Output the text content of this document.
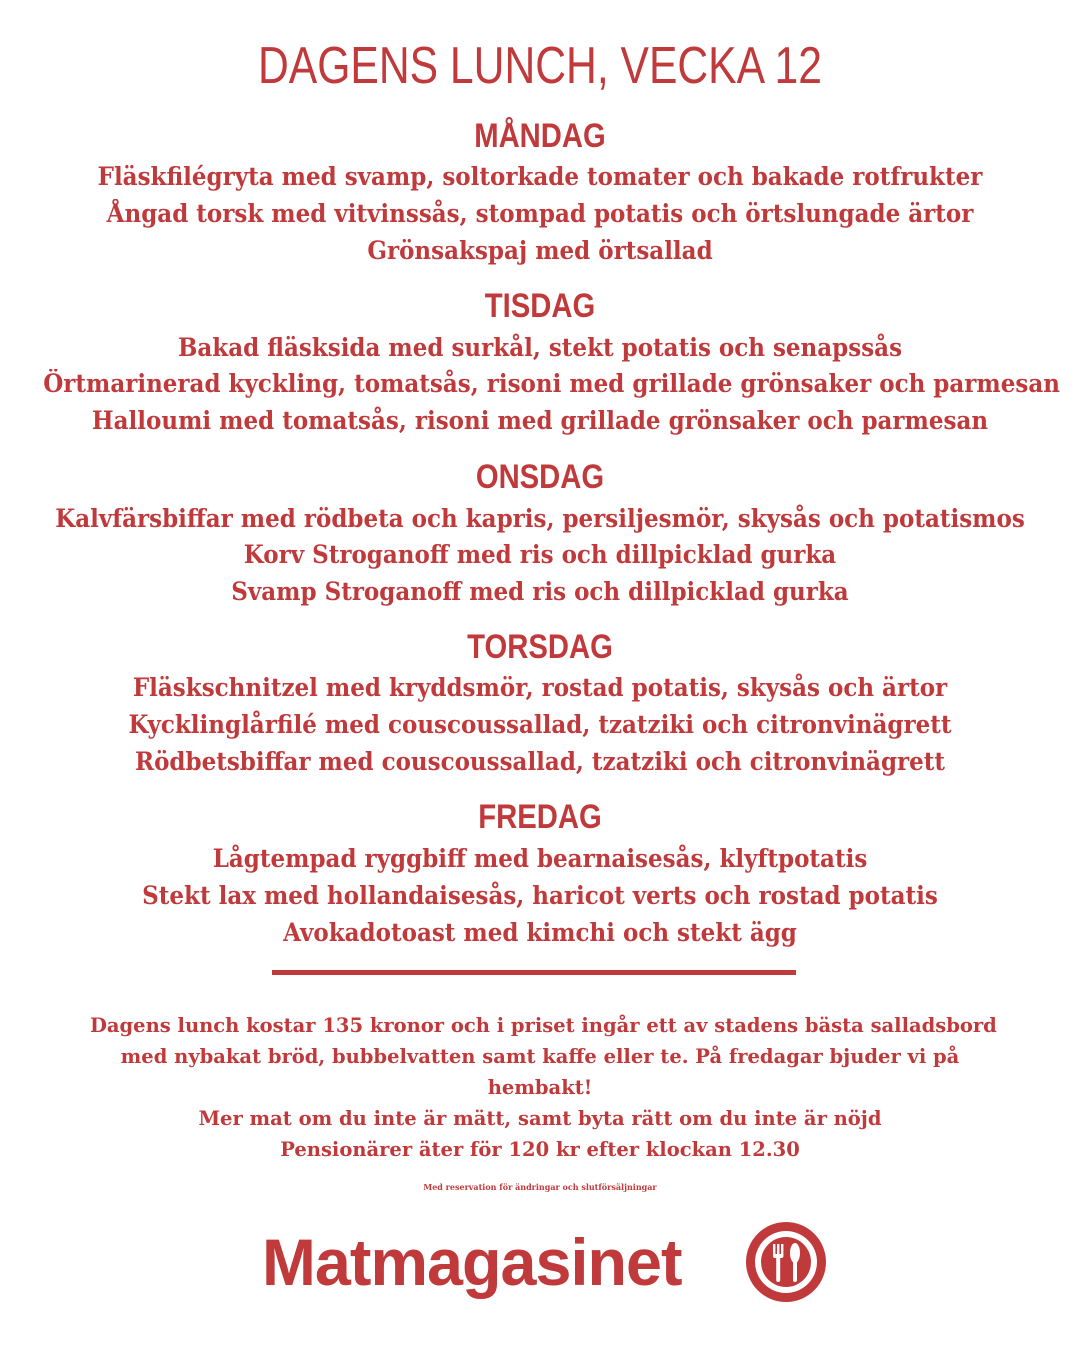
DAGENS LUNCH, VECKA 12
MÅNDAG
Fläskfilégryta med svamp, soltorkade tomater och bakade rotfrukter
Ångad torsk med vitvinssås, stompad potatis och örtslungade ärtor
Grönsakspaj med örtsallad
TISDAG
Bakad fläsksida med surkål, stekt potatis och senapssås
Örtmarinerad kyckling, tomatsås, risoni med grillade grönsaker och parmesan
Halloumi med tomatsås, risoni med grillade grönsaker och parmesan
ONSDAG
Kalvfärsbiffar med rödbeta och kapris, persiljesmör, skysås och potatismos
Korv Stroganoff med ris och dillpicklad gurka
Svamp Stroganoff med ris och dillpicklad gurka
TORSDAG
Fläskschnitzel med kryddsmör, rostad potatis, skysås och ärtor
Kycklinglårfilé med couscoussallad, tzatziki och citronvinägrett
Rödbetsbiffar med couscoussallad, tzatziki och citronvinägrett
FREDAG
Lågtempad ryggbiff med bearnaisesås, klyftpotatis
Stekt lax med hollandaisesås, haricot verts och rostad potatis
Avokadotoast med kimchi och stekt ägg
Dagens lunch kostar 135 kronor och i priset ingår ett av stadens bästa salladsbord
med nybakat bröd, bubbelvatten samt kaffe eller te. På fredagar bjuder vi på
hembakt!
Mer mat om du inte är mätt, samt byta rätt om du inte är nöjd
Pensionärer äter för 120 kr efter klockan 12.30
Med reservation för ändringar och slutförsäljningar
Matmagasinet
